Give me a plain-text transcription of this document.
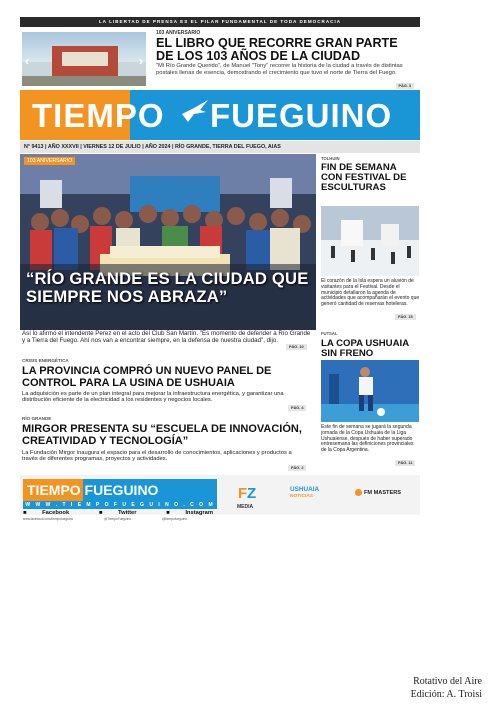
LA LIBERTAD DE PRENSA ES EL PILAR FUNDAMENTAL DE TODA DEMOCRACIA
‹	›
103 ANIVERSARIO
EL LIBRO QUE RECORRE GRAN PARTE DE LOS 103 AÑOS DE LA CIUDAD
"Mi Río Grande Querido", de Manuel "Tony" recorrer la historia de la ciudad a través de distintas postales llenas de esencia, demostrando el crecimiento que tuvo el norte de Tierra del Fuego.
PÁG. 3
TIEMPO FUEGUINO
N° 9413 | AÑO XXXVII | VIERNES 12 DE JULIO | AÑO 2024 | RÍO GRANDE, TIERRA DEL FUEGO, AIAS
103 ANIVERSARIO
“RÍO GRANDE ES LA CIUDAD QUE SIEMPRE NOS ABRAZA”
Así lo afirmó el intendente Perez en el acto del Club San Martín. "Es momento de defender a Río Grande y a Tierra del Fuego. Ahí nos van a encontrar siempre, en la defensa de nuestra ciudad", dijo.
PÁG. 10
CRISIS ENERGÉTICA
LA PROVINCIA COMPRÓ UN NUEVO PANEL DE CONTROL PARA LA USINA DE USHUAIA
La adquisición es parte de un plan integral para mejorar la infraestructura energética, y garantizar una distribución eficiente de la electricidad a los residentes y negocios locales.
PÁG. 4
RÍO GRANDE
MIRGOR PRESENTA SU “ESCUELA DE INNOVACIÓN, CREATIVIDAD Y TECNOLOGÍA”
La Fundación Mirgor inaugura el espacio para el desarrollo de conocimientos, aplicaciones y productos a través de diferentes programas, proyectos y actividades.
PÁG. 2
TOLHUIN
FIN DE SEMANA CON FESTIVAL DE ESCULTURAS
El corazón de la Isla espera un aluvión de visitantes para el Festival. Desde el municipio detallaron la agenda de actividades que acompañarán el evento que generó cantidad de reservas hoteleras.
PÁG. 15
FUTSAL
LA COPA USHUAIA SIN FRENO
Este fin de semana se jugará la segunda jornada de la Copa Ushuaia de la Liga Ushuaiense, después de haber superado entresemana las definiciones provinciales de la Copa Argentina.
PÁG. 11
TIEMPO FUEGUINO
W W W . T I E M P O F U E G U I N O . C O M
■	Facebook	■	Twitter	■	Instagram
www.facebook.com/tiempofueguino	@TiempoFueguino	@tiempofueguino
F Z
MEDIA
USHUAIA
NOTICIAS
FM MASTERS
Rotativo del Aire
Edición: A. Troisi
